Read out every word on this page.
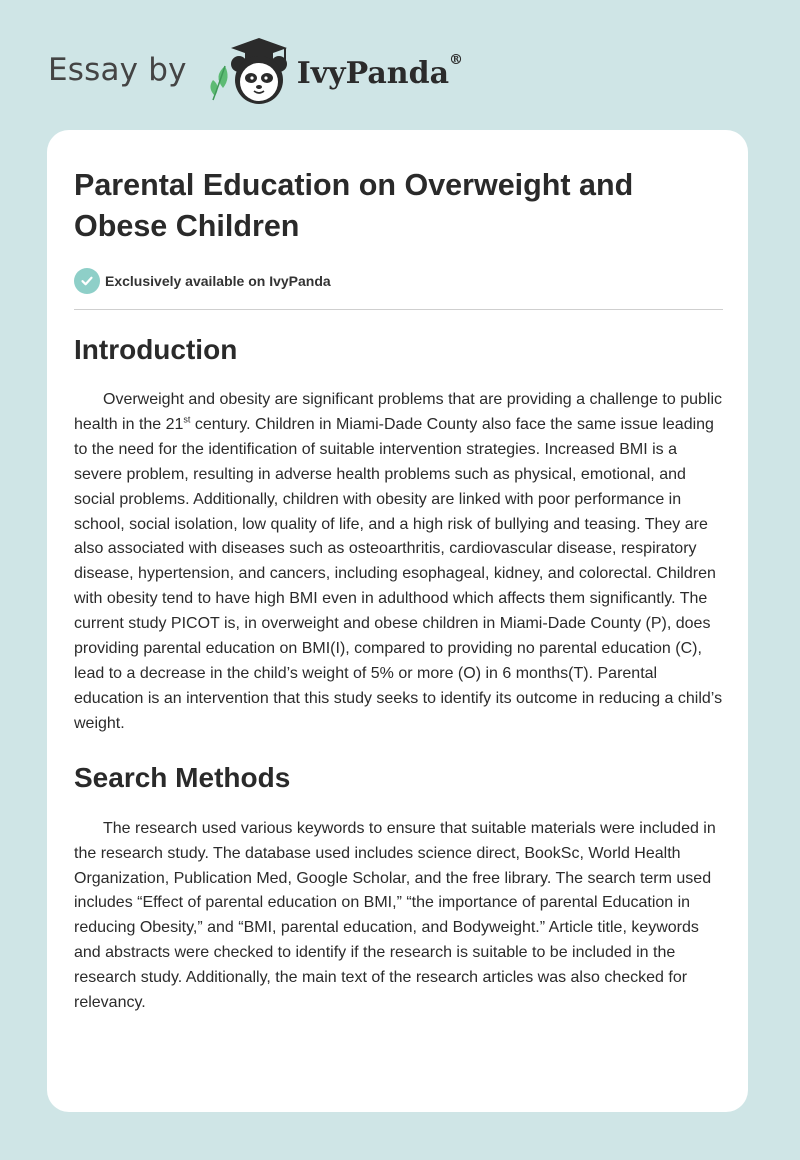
Essay by	IvyPanda®
Parental Education on Overweight and
Obese Children
Exclusively available on IvyPanda
Introduction

Overweight and obesity are significant problems that are providing a challenge to public health in the 21st century. Children in Miami-Dade County also face the same issue leading to the need for the identification of suitable intervention strategies. Increased BMI is a severe problem, resulting in adverse health problems such as physical, emotional, and social problems. Additionally, children with obesity are linked with poor performance in school, social isolation, low quality of life, and a high risk of bullying and teasing. They are also associated with diseases such as osteoarthritis, cardiovascular disease, respiratory disease, hypertension, and cancers, including esophageal, kidney, and colorectal. Children with obesity tend to have high BMI even in adulthood which affects them significantly. The current study PICOT is, in overweight and obese children in Miami-Dade County (P), does providing parental education on BMI(I), compared to providing no parental education (C), lead to a decrease in the child’s weight of 5% or more (O) in 6 months(T). Parental education is an intervention that this study seeks to identify its outcome in reducing a child’s weight.

Search Methods

The research used various keywords to ensure that suitable materials were included in the research study. The database used includes science direct, BookSc, World Health Organization, Publication Med, Google Scholar, and the free library. The search term used includes “Effect of parental education on BMI,” “the importance of parental Education in reducing Obesity,” and “BMI, parental education, and Bodyweight.” Article title, keywords and abstracts were checked to identify if the research is suitable to be included in the research study. Additionally, the main text of the research articles was also checked for relevancy.
